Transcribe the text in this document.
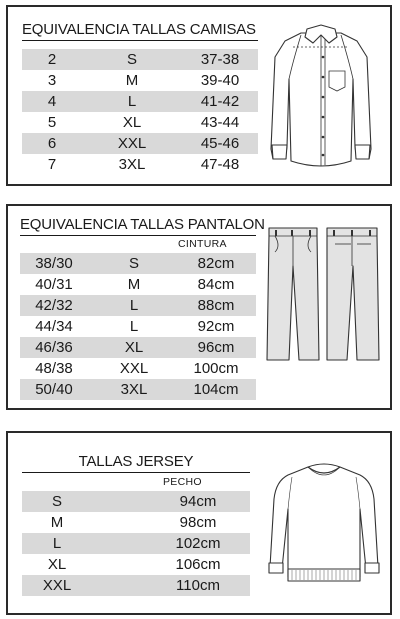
EQUIVALENCIA TALLAS CAMISAS
2	S	37-38
3	M	39-40
4	L	41-42
5	XL	43-44
6	XXL	45-46
7	3XL	47-48
EQUIVALENCIA TALLAS PANTALON
CINTURA
38/30	S	82cm
40/31	M	84cm
42/32	L	88cm
44/34	L	92cm
46/36	XL	96cm
48/38	XXL	100cm
50/40	3XL	104cm
TALLAS JERSEY
PECHO
S	94cm
M	98cm
L	102cm
XL	106cm
XXL	110cm
